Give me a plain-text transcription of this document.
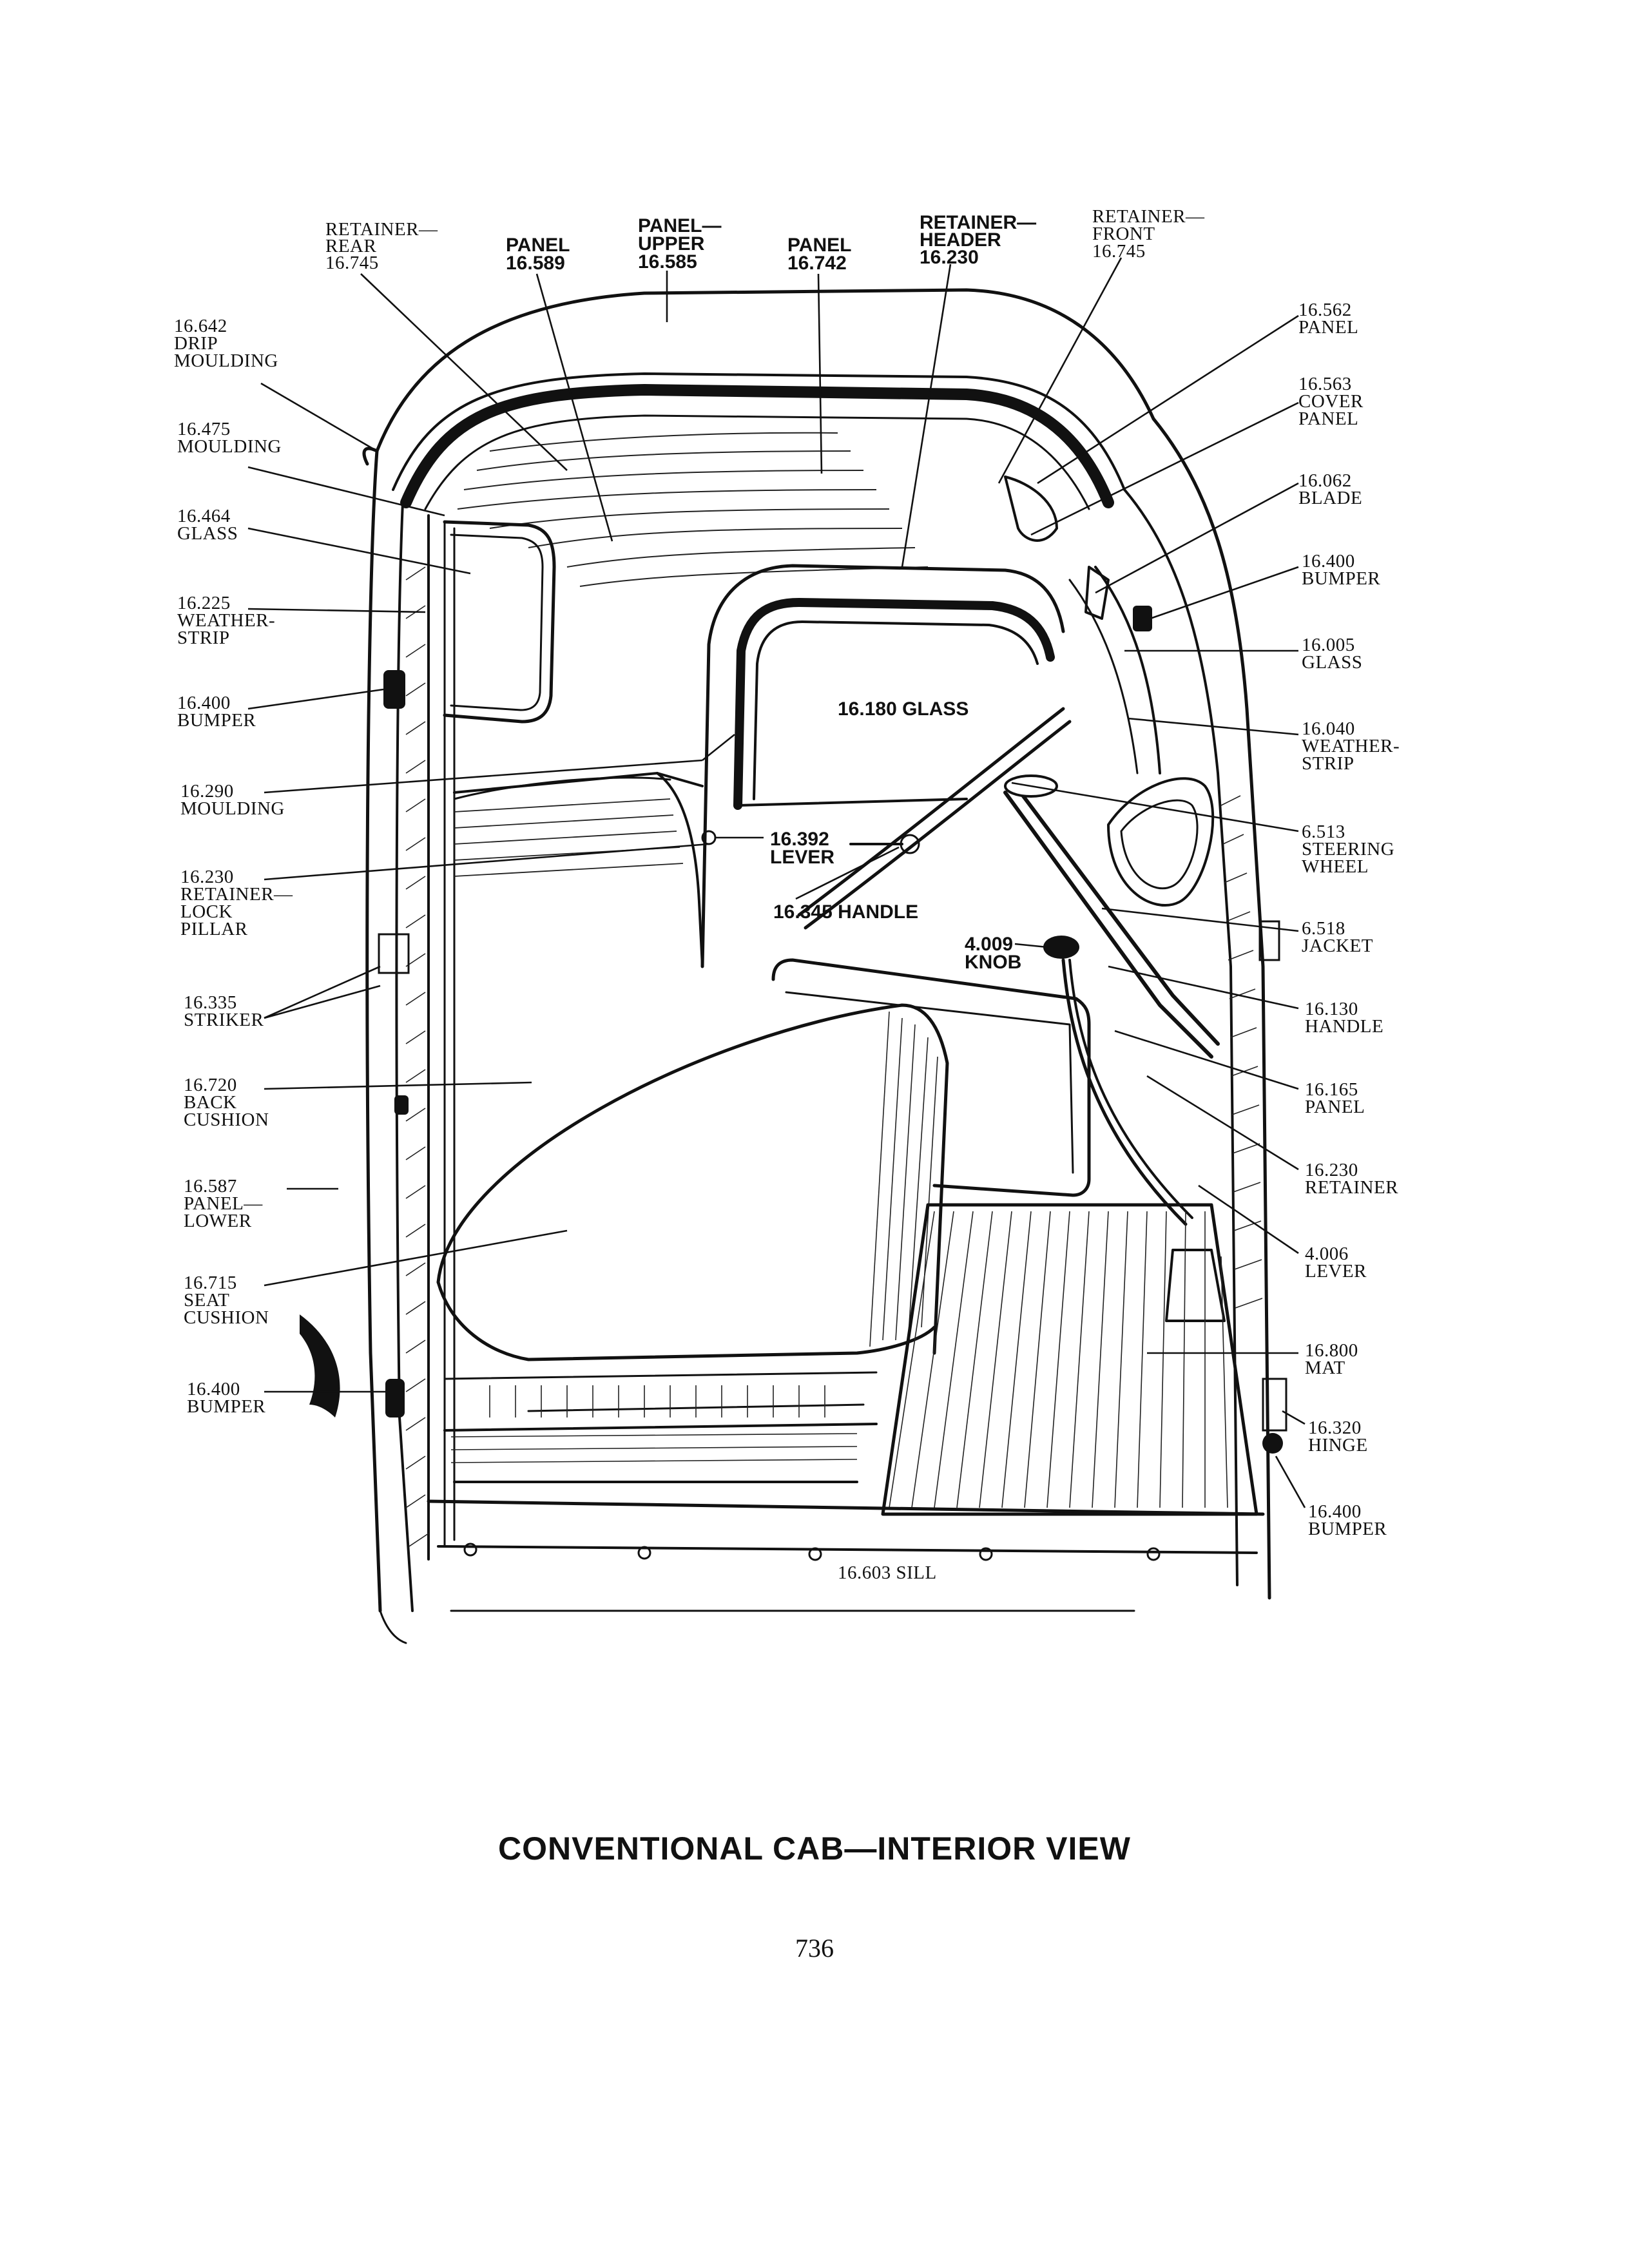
RETAINER— REAR 16.745
PANEL 16.589
PANEL— UPPER 16.585
PANEL 16.742
RETAINER— HEADER 16.230
RETAINER— FRONT 16.745
16.642 DRIP MOULDING
16.475 MOULDING
16.464 GLASS
16.225 WEATHER-STRIP
16.400 BUMPER
16.290 MOULDING
16.230 RETAINER— LOCK PILLAR
16.335 STRIKER
16.720 BACK CUSHION
16.587 PANEL— LOWER
16.715 SEAT CUSHION
16.400 BUMPER
16.562 PANEL
16.563 COVER PANEL
16.062 BLADE
16.400 BUMPER
16.005 GLASS
16.040 WEATHER-STRIP
6.513 STEERING WHEEL
6.518 JACKET
16.130 HANDLE
16.165 PANEL
16.230 RETAINER
4.006 LEVER
16.800 MAT
16.320 HINGE
16.400 BUMPER
16.180 GLASS
16.392 LEVER
16.345 HANDLE
4.009 KNOB
16.603 SILL
CONVENTIONAL CAB—INTERIOR VIEW
736
